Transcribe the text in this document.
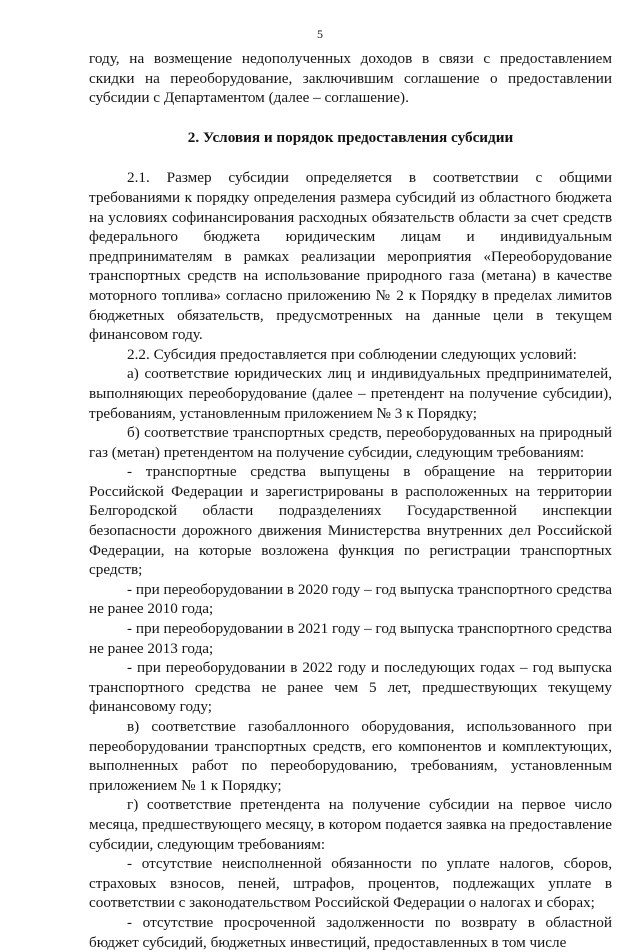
5

году, на возмещение недополученных доходов в связи с предоставлением скидки на переоборудование, заключившим соглашение о предоставлении субсидии с Департаментом (далее – соглашение).

2. Условия и порядок предоставления субсидии

2.1. Размер субсидии определяется в соответствии с общими требованиями к порядку определения размера субсидий из областного бюджета на условиях софинансирования расходных обязательств области за счет средств федерального бюджета юридическим лицам и индивидуальным предпринимателям в рамках реализации мероприятия «Переоборудование транспортных средств на использование природного газа (метана) в качестве моторного топлива» согласно приложению № 2 к Порядку в пределах лимитов бюджетных обязательств, предусмотренных на данные цели в текущем финансовом году.

2.2. Субсидия предоставляется при соблюдении следующих условий:

а) соответствие юридических лиц и индивидуальных предпринимателей, выполняющих переоборудование (далее – претендент на получение субсидии), требованиям, установленным приложением № 3 к Порядку;

б) соответствие транспортных средств, переоборудованных на природный газ (метан) претендентом на получение субсидии, следующим требованиям:

- транспортные средства выпущены в обращение на территории Российской Федерации и зарегистрированы в расположенных на территории Белгородской области подразделениях Государственной инспекции безопасности дорожного движения Министерства внутренних дел Российской Федерации, на которые возложена функция по регистрации транспортных средств;

- при переоборудовании в 2020 году – год выпуска транспортного средства не ранее 2010 года;

- при переоборудовании в 2021 году – год выпуска транспортного средства не ранее 2013 года;

- при переоборудовании в 2022 году и последующих годах – год выпуска транспортного средства не ранее чем 5 лет, предшествующих текущему финансовому году;

в) соответствие газобаллонного оборудования, использованного при переоборудовании транспортных средств, его компонентов и комплектующих, выполненных работ по переоборудованию, требованиям, установленным приложением № 1 к Порядку;

г) соответствие претендента на получение субсидии на первое число месяца, предшествующего месяцу, в котором подается заявка на предоставление субсидии, следующим требованиям:

- отсутствие неисполненной обязанности по уплате налогов, сборов, страховых взносов, пеней, штрафов, процентов, подлежащих уплате в соответствии с законодательством Российской Федерации о налогах и сборах;

- отсутствие просроченной задолженности по возврату в областной бюджет субсидий, бюджетных инвестиций, предоставленных в том числе
